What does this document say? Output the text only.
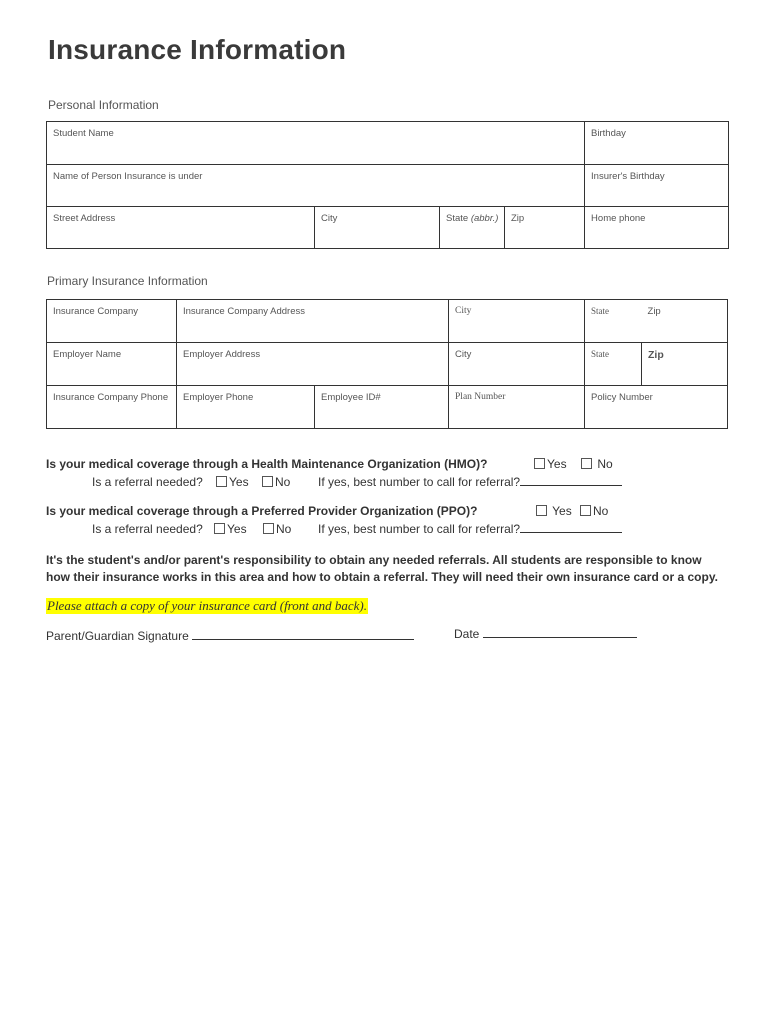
Insurance Information
Personal Information
Student Name				Birthday
Name of Person Insurance is under				Insurer's Birthday
Street Address	City	State (abbr.)	Zip	Home phone
Primary Insurance Information
Insurance Company	Insurance Company Address		City	State	Zip
Employer Name	Employer Address		City	State	Zip
Insurance Company Phone	Employer Phone	Employee ID#	Plan Number	Policy Number	
Is your medical coverage through a Health Maintenance Organization (HMO)?	Yes	No
Is a referral needed?	Yes	No If yes, best number to call for referral?
Is your medical coverage through a Preferred Provider Organization (PPO)?	Yes	No
Is a referral needed?	Yes	No If yes, best number to call for referral?
It's the student's and/or parent's responsibility to obtain any needed referrals. All students are responsible to know
how their insurance works in this area and how to obtain a referral. They will need their own insurance card or a copy.
Please attach a copy of your insurance card (front and back).
Parent/Guardian Signature	Date
